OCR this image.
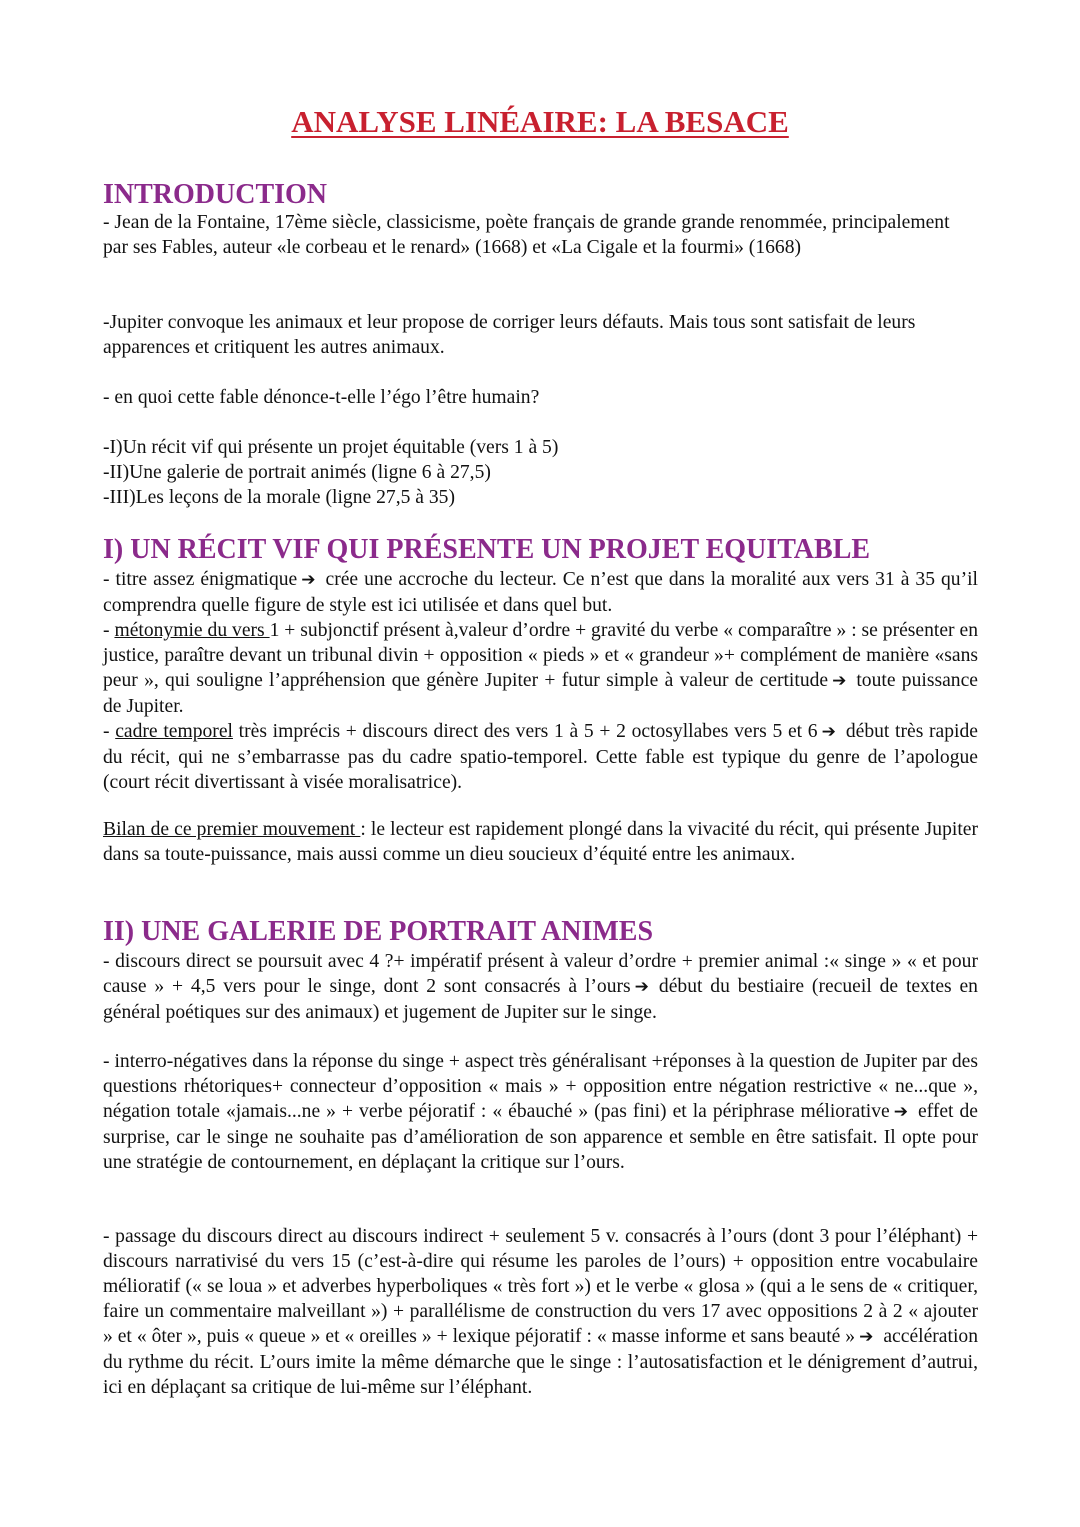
ANALYSE LINÉAIRE: LA BESACE
INTRODUCTION

- Jean de la Fontaine, 17ème siècle, classicisme, poète français de grande grande renommée, principalement par ses Fables, auteur «le corbeau et le renard» (1668) et «La Cigale et la fourmi» (1668)

-Jupiter convoque les animaux et leur propose de corriger leurs défauts. Mais tous sont satisfait de leurs apparences et critiquent les autres animaux.

- en quoi cette fable dénonce-t-elle l’égo l’être humain?

-I)Un récit vif qui présente un projet équitable (vers 1 à 5)

-II)Une galerie de portrait animés (ligne 6 à 27,5)

-III)Les leçons de la morale (ligne 27,5 à 35)

I) UN RÉCIT VIF QUI PRÉSENTE UN PROJET EQUITABLE

- titre assez énigmatique ➔ crée une accroche du lecteur. Ce n’est que dans la moralité aux vers 31 à 35 qu’il comprendra quelle figure de style est ici utilisée et dans quel but.

- métonymie du vers 1 + subjonctif présent à,valeur d’ordre + gravité du verbe « comparaître » : se présenter en justice, paraître devant un tribunal divin + opposition « pieds » et « grandeur »+ complément de manière «sans peur », qui souligne l’appréhension que génère Jupiter + futur simple à valeur de certitude ➔ toute puissance de Jupiter.

- cadre temporel très imprécis + discours direct des vers 1 à 5 + 2 octosyllabes vers 5 et 6 ➔ début très rapide du récit, qui ne s’embarrasse pas du cadre spatio-temporel. Cette fable est typique du genre de l’apologue (court récit divertissant à visée moralisatrice).

Bilan de ce premier mouvement : le lecteur est rapidement plongé dans la vivacité du récit, qui présente Jupiter dans sa toute-puissance, mais aussi comme un dieu soucieux d’équité entre les animaux.

II) UNE GALERIE DE PORTRAIT ANIMES

- discours direct se poursuit avec 4 ?+ impératif présent à valeur d’ordre + premier animal :« singe » « et pour cause » + 4,5 vers pour le singe, dont 2 sont consacrés à l’ours ➔ début du bestiaire (recueil de textes en général poétiques sur des animaux) et jugement de Jupiter sur le singe.

- interro-négatives dans la réponse du singe + aspect très généralisant +réponses à la question de Jupiter par des questions rhétoriques+ connecteur d’opposition « mais » + opposition entre négation restrictive « ne...que », négation totale «jamais...ne » + verbe péjoratif : « ébauché » (pas fini) et la périphrase méliorative ➔ effet de surprise, car le singe ne souhaite pas d’amélioration de son apparence et semble en être satisfait. Il opte pour une stratégie de contournement, en déplaçant la critique sur l’ours.

- passage du discours direct au discours indirect + seulement 5 v. consacrés à l’ours (dont 3 pour l’éléphant) + discours narrativisé du vers 15 (c’est-à-dire qui résume les paroles de l’ours) + opposition entre vocabulaire mélioratif (« se loua » et adverbes hyperboliques « très fort ») et le verbe « glosa » (qui a le sens de « critiquer, faire un commentaire malveillant ») + parallélisme de construction du vers 17 avec oppositions 2 à 2 « ajouter » et « ôter », puis « queue » et « oreilles » + lexique péjoratif : « masse informe et sans beauté » ➔ accélération du rythme du récit. L’ours imite la même démarche que le singe : l’autosatisfaction et le dénigrement d’autrui, ici en déplaçant sa critique de lui-même sur l’éléphant.
